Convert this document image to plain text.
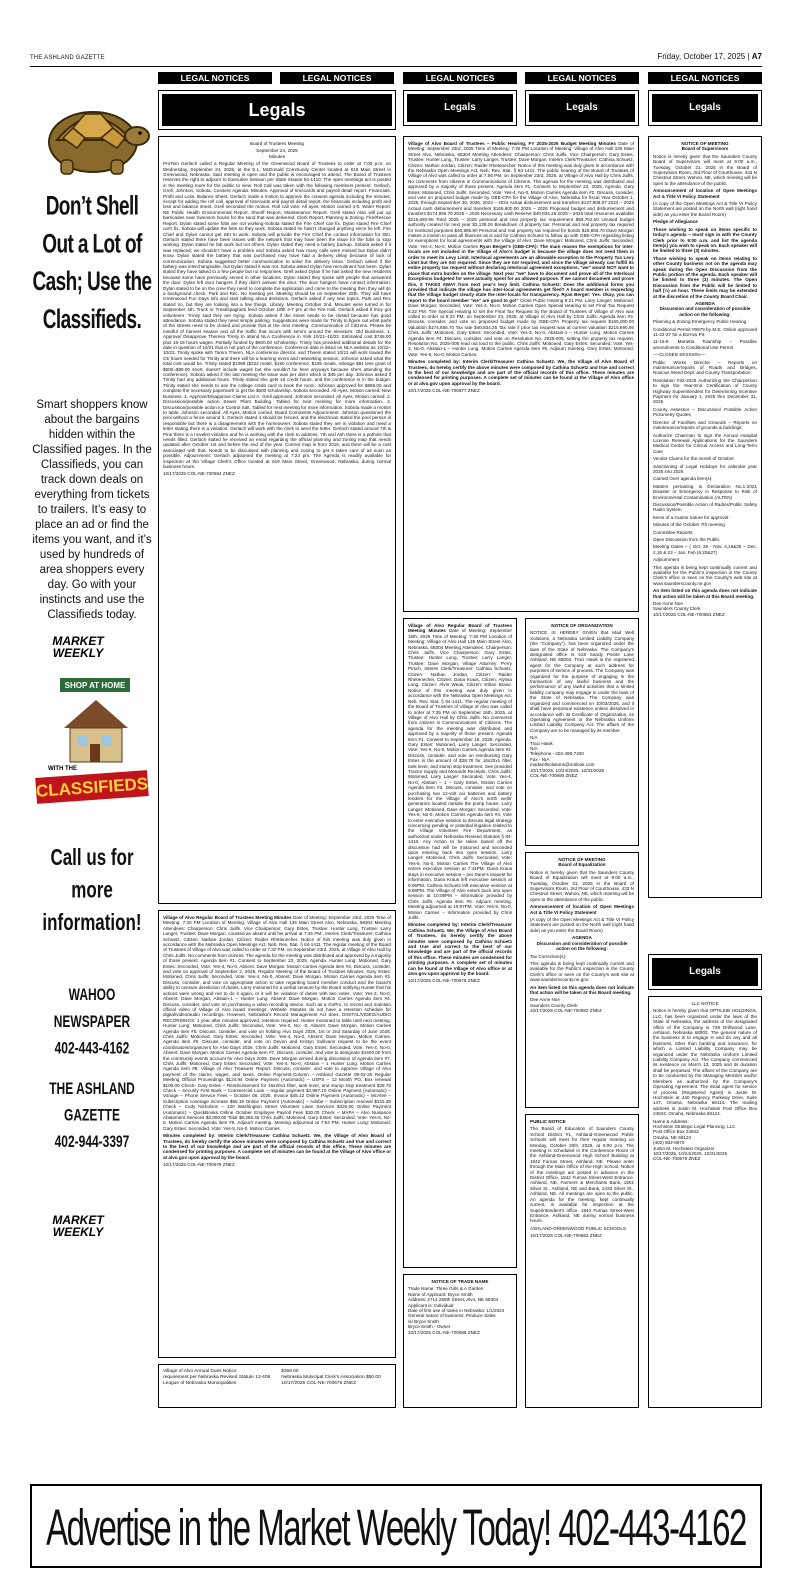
THE ASHLAND GAZETTE	Friday, October 17, 2025 | A7
LEGAL NOTICES	LEGAL NOTICES	LEGAL NOTICES	LEGAL NOTICES	LEGAL NOTICES
Don’t Shell Out a Lot of Cash; Use the Classifieds.
Smart shoppers know about the bargains hidden within the Classified pages. In the Classifieds, you can track down deals on everything from tickets to trailers. It’s easy to place an ad or find the items you want, and it’s used by hundreds of area shoppers every day. Go with your instincts and use the Classifieds today.
MARKET
WEEKLY
SHOP AT HOME
WITH THE
CLASSIFIEDS
Call us for more information!
WAHOO NEWSPAPER
402-443-4162
THE ASHLAND GAZETTE
402-944-3397
MARKET
WEEKLY
Legals	Legals	Legals	Legals
Board of Trustees Meeting
September 24, 2025
Minutes

ProTem Gerlach called a Regular Meeting of the Greenwood Board of Trustees to order at 7:00 p.m. on Wednesday, September 24, 2025, at the E.L. McDonald Community Center located at 619 Main Street in Greenwood, Nebraska. Said meeting is open and the public is encouraged to attend. The Board of Trustees reserves the right to adjourn to Executive Session per State Statute 84-1410. The open meetings act is posted in the meeting room for the public to view. Roll Call was taken with the following members present: Gerlach, Grell, Johnson, Sobota. Consent Agenda. Minutes. Approval of timecards and payroll detail report. Financials. Profit and Loss. Balance Sheet. Gerlach made a motion to approve the consent agenda including the minutes, except for adding the roll call, approval of timecards and payroll detail report, the financials including profit and loss and balance sheet. Grell seconded the motion. Roll call vote: All ayes. Motion carried 4-0. Water Report. NE Public Health Environmental Report. Sheriff Report. Maintenance Report. Grell stated Alan will put up barricades near Swenson house for the sand that was delivered. Clerk Report. Planning & Zoning. Fire/Rescue Report. Dylan stated some fobs are not working-Sobota stated the Fire Chief can fix. Dylan stated Fire Chief can't fix, Sobota will update the fobs so they work. Sobota stated he hasn't changed anything since he left. Fire Chief and Dylan cannot get SEI to work. Sobota will provide the Fire Chief the contact information for SEI. Gerlach stated there have been issues with the network that may have been the issue for the fobs to stop working. Dylan stated he fab work but not others. Dylan stated they need a battery backup. Sobota asked if it was replaced; we shouldn't have a problem and Sobota asked how many calls were missed but Dylan didn't know. Dylan stated the battery that was purchased may have had a delivery delay because of lack of communication. Sobota suggested better communication to solve the delivery issue. Gerlach asked if the battery was interchangeable, but Dylan stated it was not. Sobota asked Dylan how recruitment has been. Dylan stated they have talked to a few people but no responses. Grell asked Dylan if he has asked the new residents because some have previously served in other locations. Dylan stated they spoke with people that answered the door. Dylan left door hangers if they didn't answer the door. The door hangers have contact information. Dylan stated to be on the crew they need to complete the application and come to the meeting then they will do a background check. Park and Rec. No meeting yet. Meeting should be on September 25th. They will have Greenwood Fun Days info and start talking about decisions. Gerlach asked if any new topics. Park and Rec stated no, but they are looking into a few things. Library. Meeting October 2nd. Minutes were turned in for September 4th. Truck or Treat/spaghetti feed October 18th 4-7 pm at the Fire Hall. Gerlach asked if they got volunteers. Trinity said they are trying. Sobota asked if the street needs to be closed because has good attendance. Sobota stated they need simple parking. Suggestions were made for Trinity to figure out what parts of the streets need to be closed and provide that at the next meeting. Communication of Citizens. Please be mindful of harvest season and all the traffic that incurs with semi's around the elevators. Old Business. 1. Approve/ Disapprove Theresa Trinity to attend NLA Conference in York 10/21–10/23. Estimated cost $745.00 plus 16-18 hours wages. Partially funded by $600.00 scholarship. Trinity has provided additional details for the date in question of 10/21 that is not part of the conference. Conference date is listed on NLA website as 10/22–10/23. Trinity spoke with Tamm Theem, NLA conference director, and Theem stated 10/21 will work toward the CE hours needed for Trinity and there will be a learning event and networking session. Johnson asked what the total cost would be. Trinity stated $1098 ($322 motel, $150 conference, $135 meals, mileage $91 less grant of $600=$98.00 short, doesn't include wages but she wouldn't be here anyways because she's attending the conference). Sobota asked if the last meeting the issue was per diem which is $45 per day. Johnson asked if Trinity had any additional hours. Trinity stated she gets 16 credit hours, and the conference is in the budget. Trinity stated she needs to use the college credit card to book the room. Johnson approved for $686.00 and complete the necessary paperwork to get the $600 scholarship. Sobota seconded. All Ayes. Motion carried. New Business. 1. Approve/Disapprove Claims List A. Grell approved. Johnson seconded. All Ayes. Motion carried. 2. Discussion/possible action Sewer Plant Building. Tabled for next meeting for more information. 3. Discussion/possible action Ice Control Salt. Tabled for next meeting for more information. Sobota made a motion to table. Johnson seconded. All Ayes. Motion carried. Board Comments Adjournment. Johnson questioned the pool without a fence around it. Gerlach stated it should be fenced, and the electrician stated the pool person is responsible but there is a disagreement with the homeowner. Sobota stated they are in violation and need a letter stating there is a violation. Gerlach will work with the clerk to send the letter. Gerlach stated around 7th & Pine there is a novelist violation and he is working with the clerk to address, 7th and Ash there is a pothole that needs filled. Gerlach stated he received an email regarding the official planning and zoning map that needs updated after October 1st and before the end of the year. Current map is from 2016, and there will be a cost associated with that. Needs to be discussed with planning and zoning to get it taken care of as soon as possible. Adjournment: Gerlach adjourned the meeting at 7:24 pm. The Agenda is readily available for inspection at the Village Clerk's Office located at 619 Main Street, Greenwood, Nebraska, during normal business hours.

10/17/2025 COL-NE-700684 ZNEZ

Village of Alvo Regular Board of Trustees Meeting Minutes Date of Meeting: September 23rd, 2025 Time of Meeting: 7:30 PM Location of Meeting: Village of Alvo Hall 135 Main Street Alvo, Nebraska, 68304 Meeting Attendees: Chairperson: Chris Juilfs, Vice Chairperson: Gary Estes, Trustee: Hunter Lung, Trustee: Larry Langer, Trustee: Dave Morgan, counted as absent until his arrival at 7:45 PM., Interim Clerk/Treasurer: Cathina Schuetz, Citizen: Nathan Jordan, Citizen: Raider Rhetenecher. Notice of this meeting was duly given in accordance with the Nebraska Open Meetings Act, Neb. Rev. Stat. § 84-1411. The regular meeting of the Board of Trustees of Village of Alvo was called to order at 7:32 PM, on September 23rd, 2025, at Village of Alvo Hall by Chris Juilfs. No comments from citizens. The agenda for the meeting was distributed and approved by a majority of those present. Agenda Item #1. Consent to September 23, 2025, Agenda. Hunter Lung: Motioned, Gary Estes: Seconded, Vote: Yes-4, No-0, Absent: Dave Morgan. Motion Carries Agenda item #2. Discuss, consider, and vote on approval of September 2, 2025, Regular Meeting of the Board of Trustees Minutes, Gary Estes: Motioned, Chris Juilfs: Seconded, Vote: Yes-4, No-0, Absent: Dave Morgan. Motion Carries Agenda item #3. Discuss, consider, and vote on appropriate action to take regarding board member conduct and the board's ability to censure dereliction of duties. Larry motioned for a verbal censure by the Board notifying Hunter that his actions were wrong and not to do it again, or it will be violation of duties with two votes. Vote: Yes-3, No-0, Absent: Dave Morgan, Abstain-1 – Hunter Lung. Absent: Dave Morgan. Motion Carries Agenda item #4. Discuss, consider, and vote on purchasing a video recording device, such as a GoPro, to record and maintain official video of Village of Alvo board meetings. Website Statutes do not have a retention schedule for digital/video/audio recordings. However, Nebraska's Record Management Act does. DIGITAL/VIDEO/AUDIO RECORDINGS: 1 year after minutes approved, retention required. Hunter motioned to table until next meeting. Hunter Lung: Motioned, Chris Juilfs: Seconded, Vote: Yes-0, No: -0, Absent: Dave Morgan. Motion Carries Agenda item #5. Discuss, consider, and vote on holding Alvo Days 2026, 1st or 2nd Saturday of June 2026. Chris Juilfs: Motioned, Gary Estes: Seconded, Vote: Yes-4, No-0, Absent: Dave Morgan. Motion Carries. Agenda item #6. Discuss, consider, and vote on Devon and Kristyn Sullivans request to be the event coordinators/organizers for Alvo Days 2026. Chris Juilfs: Motioned, Gary Estes: Seconded, Vote: Yes-4, No-0, Absent: Dave Morgan. Motion Carries Agenda item #7. Discuss, consider, and vote to designate $1500.00 from the community events account for Alvo Days 2026. Dave Morgan arrived during discussion of Agenda item #7. Chris Juilfs: Motioned, Gary Estes: Seconded, Vote: Yes-4, No-0, Abstain – 1 Hunter Lung. Motion Carries Agenda item #8. Village of Alvo Treasurer Report. Discuss, consider, and vote to approve Village of Alvo payment of the claims, wages, and taxes. Online Payment-Column – Ashland Gazette 09-02-25 Regular Meeting Official Proceedings $124.94 Online Payment (Automatic) – USPS – 12 Month PO. Box renewal $106.00 Check- Gary Estes – Reimbursement for 16x20x1 filter, tank lever, and stump stop treatment $28.78 Check – Security First Bank – Commercial Loan – regular payment $4,997.10 Online Payment (Automatic) – Vonage – Phone Service Fees – October 08, 2025, Invoice $45.12 Online Payment (Automatic) – McAfee – Subscription coverage increase $65.19 Online Payment (Automatic) – Adobe – Subscription renewal $315.35 Check – Cody Nicholson – 130 Washington Street Volunteer Lawn Services $320.00 Online Payment (Automatic) – QuickBooks Online October Employee Payroll Fees $30.00 Check – MAPA – Alvo Nuisance Abatement Services $2,000.00 Total $8,265.46 Chris Juilfs: Motioned, Gary Estes: Seconded, Vote: Yes-5, No-0. Motion Carries Agenda item #9. Adjourn meeting. Meeting adjourned at 7:54 PM. Hunter Lung: Motioned, Gary Estes: Seconded, Vote: Yes-5, No-0. Motion Carries.

Minutes completed by: Interim Clerk/Treasurer Cathina Schuetz. We, the Village of Alvo Board of Trustees, do hereby certify the above minutes were composed by Cathina Schuetz and true and correct to the best of our knowledge and are part of the official records of this office. These minutes are condensed for printing purposes. A complete set of minutes can be found at the Village of Alvo office or at alvo.gov upon approval by the board.

10/17/2025 COL-NE-700678 ZNEZ

Village of Alvo Annual Dues Notice	$368.00
requirement per Nebraska Revised Statute 13-408	Nebraska Municipal Clerk's Association $50.00
League of Nebraska Municipalities	10/17/2025 COL-NE-700675 ZNEZ

Village of Alvo Board of Trustees – Public Hearing, FY 2025-2026 Budget Meeting Minutes Date of Meeting: September 23rd, 2025 Time of Meeting: 7:45 PM Location of Meeting: Village of Alvo Hall 135 Main Street Alvo, Nebraska, 68304 Meeting Attendees: Chairperson: Chris Juilfs, Vice Chairperson: Gary Estes, Trustee: Hunter Lung, Trustee: Larry Langer, Trustee: Dave Morgan, Interim Clerk/Treasurer: Cathina Schuetz, Citizen: Nathan Jordan, Citizen: Raider Rhetenecher. Notice of this meeting was duly given in accordance with the Nebraska Open Meetings Act, Neb. Rev. Stat. § 84-1411. The public hearing of the Board of Trustees of Village of Alvo was called to order at 7:56 PM, on September 23rd, 2025, at Village of Alvo Hall by Chris Juilfs. No comments from citizens in Communications of Citizens. The agenda for the meeting was distributed and approved by a majority of those present. Agenda item #1. Consent to September 23, 2025, Agenda. Gary Estes: Motioned, Chris Juilfs: Seconded, Vote: Yes-4, No-0, Motion Carries Agenda item #2. Discuss, consider, and vote on proposed budget made by GBE-CPA for the Village of Alvo, Nebraska for fiscal Year October 1, 2025, through September 30, 2026. 2023 – 2024 Actual disbursement and transfers $137,908.07 2024 – 2025 Actual cash disbursement and transfers $165,600.00 2025 – 2026 Proposed budget and disbursement and transfers $174,856.70 2025 – 2026 Necessary cash Reserve $40,834.25 2025 – 2026 total resources available $215,690.95 Total 2025 – 2026 personal and real property tax requirement $59,752.50 Unused budget authority created for next year $3,139.26 Breakdown of property tax: Personal and real property tax required for nonbond purposes $40,895.80 Personal and real property tax required for bonds $18,856.70 Dave Morgan makes a motion to pass all finances as is and for Cathina Schuetz to follow up with GBE-CPA regarding listing for exemptions for local agreements with the Village of Alvo. Dave Morgan: Motioned, Chris Juilfs: Seconded, Vote: Yes-4, No-0, Motion Carries Ryan Berger's (GBE-CPA): The main reason the exemptions for inter-locals are not included in the Village of Alvo's budget is because the village does not need them in order to meet its Levy Limit. Interlocal agreements are an allowable exception to the Property Tax Levy Limit but they are not required. Since they are not required, and since the village already can fulfill its entire property tax request without declaring interlocal agreement exceptions, "we" would NOT want to place that extra burden on the village. Next year "we" have to document and prove all of the Interlocal Exceptions budgeted for were actually spent for an allowed purpose. If we cannot document and prove this, it TAKES AWAY from next year's levy limit. Cathina Schuetz: Does the additional forms you provided that indicate the village has inter-local agreements get filed? A board member is requesting that the Village budget clearly state the inter-locals for transparency. Ryan Berger: Yes. Okay, you can report to the board member "we" are good to go!" Close Public Hearing 8:21 PM. Larry Langer: Motioned, Dave Morgan: Seconded, Vote: Yes-4, No-0, Motion Carries Open Special Hearing to set Final Tax Request 8:22 PM. The Special Hearing to set the Final Tax Request by the Board of Trustees of Village of Alvo was called to order at 8:22 PM, on September 23, 2025, at Village of Alvo Hall by Chris Juilfs. Agenda item #3. Discuss, consider, and vote on proposed budget made by GBE-CPA Property tax request $165,000.00 Valuation $174,856.70 Tax rate $40,834.25 Tax rate if prior tax request was at current valuation $215,690.95 Chris Juilfs: Motioned, Gary Estes: Seconded, Vote: Yes-3, No-0, Abstain-1 – Hunter Lung. Motion Carries Agenda item #4. Discuss, consider, and vote on Resolution No. 2025-005, setting the property tax request. Resolution No. 2025-005 read out loud to the public. Chris Juilfs: Motioned, Gary Estes: Seconded, Vote: Yes-3, No-0, Abstain-1 – Hunter Lung. Motion Carries Agenda item #5. Adjourn meeting. Gary Estes: Motioned, Vote: Yes-5, No-0, Motion Carries.

Minutes completed by: Interim Clerk/Treasurer Cathina Schuetz. We, the Village of Alvo Board of Trustees, do hereby certify the above minutes were composed by Cathina Schuetz and true and correct to the best of our knowledge and are part of the official records of this office. These minutes are condensed for printing purposes. A complete set of minutes can be found at the Village of Alvo office or at alvo.gov upon approval by the board.

10/17/2025 COL-NE-700677 ZNEZ

Village of Alvo Regular Board of Trustees Meeting Minutes Date of Meeting: September 16th, 2025 Time of Meeting: 7:30 PM Location of Meeting: Village of Alvo Hall 135 Main Street Alvo, Nebraska, 68304 Meeting Attendees: Chairperson: Chris Juilfs, Vice Chairperson: Gary Estes, Trustee: Hunter Lung, Trustee: Larry Langer, Trustee: Dave Morgan, Village Attorney: Perry Pirsch, Interim Clerk/Treasurer: Cathina Schuetz, Citizen: Nathan Jordan, Citizen: Raider Rhetenecher, Citizen: Dana Kraus, Citizen: Alyssa Long, Citizen: Alvin Weak, Citizen: Ethan Braxe. Notice of this meeting was duly given in accordance with the Nebraska Open Meetings Act, Neb. Rev. Stat. § 84-1411. The regular meeting of the Board of Trustees of Village of Alvo was called to order at 7:35 PM on September 16th, 2025, at Village of Alvo Hall by Chris Juilfs. No comments from citizens in Communications of Citizens. The agenda for the meeting was distributed and approved by a majority of those present. Agenda Item #1. Consent to September 16, 2025, Agenda. Gary Estes: Motioned, Larry Langer: Seconded, Vote: Yes-5, No-0, Motion Carries Agenda item #2. Discuss, consider, and vote on reimbursing Gary Estes in the amount of $28.78 for 16x20x1 filter, tank lever, and stump stop treatment. See provided Tractor Supply and Menards Receipts. Chris Juilfs: Motioned, Larry Langer: Seconded, Vote: Yes-4, No-0, Abstain – 1 – Gary Estes, Motion Carries Agenda item #3. Discuss, consider, and vote on purchasing two 12-volt car batteries and battery tenders for the Village of Alvo's north wells' generators located outside the pump house. Larry Langer: Motioned, Dave Morgan: Seconded, Vote: Yes-5, No-0, Motion Carries Agenda item #4. Vote to enter executive session to discuss legal strategy concerning pending or potential litigation related to the Village Volunteer Fire Department, as authorized under Nebraska Revised Statutes § 84-1410. Any Action to be taken based off the discussion had will be motioned and seconded upon entering back into open session. Larry Langer: Motioned, Chris Juilfs: Seconded, Vote: Yes-5, No-0, Motion Carries The Village of Alvo enters executive session at 7:44PM. Dana Kraus stays in executive session – per Dane's request for information. Dana Kraus left executive session at 9:06PM. Cathina Schuetz left executive session at 9:08PM. The Village of Alvo enters back into open session at 10:06PM – information provided by Chris Juilfs. Agenda item #5. Adjourn meeting. Meeting adjourned at 10:07PM. Vote: Yes-5, No-0, Motion Carries – Information provided by Chris Juilfs.

Minutes completed by: Interim Clerk/Treasurer Cathina Schuetz. We, the Village of Alvo Board of Trustees, do hereby certify the above minutes were composed by Cathina Schuetz and true and correct to the best of our knowledge and are part of the official records of this office. These minutes are condensed for printing purposes. A complete set of minutes can be found at the Village of Alvo office or at alvo.gov upon approval by the board.

10/17/2025 COL-NE-700676 ZNEZ

NOTICE OF TRADE NAME
Trade Name: Three Girls & A Garden
Name of Applicant: Bryce Smith
Address: 2714 258th Street, Alvo, NE 68304
Applicant is: Individual
Date of first use of name in Nebraska: 1/1/2024
General nature of business: Produce Sales
/s/ Bryce Smith
Bryce Smith - Owner
10/17/2025 COL-NE-700686 ZNEZ
NOTICE OF ORGANIZATION

NOTICE IS HEREBY GIVEN that Mad Well Solutions, a Nebraska Limited Liability Company (the "Company"), has been organized under the laws of the State of Nebraska. The Company's designated office is 518 Sandy Pointe Lane Ashland, NE 68003. Traci Hawk is the registered agent for the Company at such address for purposes of service of process. The Company was organized for the purpose of engaging in the transaction of any lawful business and the performance of any lawful activities that a limited liability company may engage in under the laws of the State of Nebraska. The Company was organized and commenced on 10/03/2025, and it shall have perpetual existence unless dissolved in accordance with its Certificate of Organization, its Operating Agreement or the Nebraska Uniform Limited Liability Company Act. The affairs of the Company are to be managed by its member.

N/A
Traci Hawk
N/A
Telephone - 402-490-7400
Fax - N/A
madwellsolutions@outlook.com
10/17/2025, 10/24/2025, 10/31/2025
COL-NE-700690 ZNEZ
NOTICE OF MEETING
Board of Equalization

Notice is hereby given that the Saunders County Board of Equalization will meet at 9:00 a.m., Tuesday, October 21, 2025 in the Board of Supervisors Room, 3rd Floor of Courthouse, 433 N Chestnut Street, Wahoo, NE, which meeting will be open to the attendance of the public.

Announcement of location of Open Meetings Act & Title VI Policy Statement

(A copy of the Open Meetings Act & Title VI Policy Statement are posted on the North wall (right hand side) as you enter the Board Room)

AGENDA
Discussion and consideration of possible action on the following:

Tax Correction(s):

This agenda is being kept continually current and available for the Public's inspection in the County Clerk's office or seen on the County's web site at www.saunderscounty.ne.gov.

An item listed on this agenda does not indicate that action will be taken at this Board meeting.

Dee Anne Noe
Saunders County Clerk
10/17/2025 COL-NE-700682 ZNEZ
PUBLIC NOTICE

The Board of Education of Saunders County School District #1, Ashland-Greenwood Public Schools will meet for their regular meeting on Monday, October 20th, 2025, at 6:00 p.m. The meeting is scheduled in the Conference Room of the Ashland-Greenwood High School Building at 1842 Furnas Street, Ashland, NE. Please enter through the Main Office of the High School. Notice of the meetings are posted in advance in the District Office, 1842 Furnas Street-West Entrance, Ashland, NE, Farmers & Merchants Bank, 1501 Silver St., Ashland, NE and Bank, 2433 Silver St., Ashland, NE. All meetings are open to the public. An agenda for the meeting, kept continually current, is available for inspection at the Superintendent's office, 1842 Furnas Street-West Entrance, Ashland, NE during normal business hours.

ASHLAND-GREENWOOD PUBLIC SCHOOLS

10/17/2025 COL-NE-700683 ZNEZ
NOTICE OF MEETING
Board of Supervisors

Notice is hereby given that the Saunders County Board of Supervisors will meet at 9:00 a.m., Tuesday, October 21, 2025 in the Board of Supervisors Room, 3rd Floor of Courthouse, 433 N Chestnut Street, Wahoo, NE, which meeting will be open to the attendance of the public.

Announcement of location of Open Meetings Act & Title VI Policy Statement

(A copy of the Open Meetings Act & Title VI Policy Statement are posted on the North wall (right hand side) as you enter the Board Room)

Pledge of Allegiance

Those wishing to speak on items specific to today's agenda – must sign in with the County Clerk prior to 9:00 a.m. and list the agenda item(s) you wish to speak on. Each speaker will be limited to three (3) minutes.

Those wishing to speak on items relating to other County business not on the agenda may speak during the Open Discussion from the Public portion of the agenda. Each speaker will be limited to three (3) minutes. The Open Discussion from the Public will be limited to half (½) an hour. These limits may be extended at the discretion of the County Board Chair.

AGENDA
Discussion and consideration of possible action on the following:
Planning & Zoning Emergency Public Hearing
Conditional Permit #9579 by M.E. Online approved 11-22-27 for a Borrow Pit.
11-15-8. Marietta Township – Possible amendments to Conditional Use Permit
----CLOSED SESSION----
Public Works Director – Reports on maintenance/repairs of Roads and Bridges, Noxious Weed Dept. and County Transportation:
Resolution #32-2025 Authorizing the Chairperson to sign the Year-End Certification of County Highway Superintendent for Determining Incentive Payment for January 1, 2025 thru December 31, 2025
County Assessor – Discussion/ Possible Action Pictometry Quotes
Director of Facilities and Grounds – Reports on maintenance/repairs of grounds & buildings:
Authorize Chairman to sign the Annual Hospital License Renewal Applications for the Saunders Medical Center for Critical Access and Long-Term Care
Vendor Claims for the month of October
Sanctioning of Legal Holidays for calendar year 2025 into 2026
Carried Over agenda item(s):
Matters pertaining to Declaration No.1-2021 Disaster or Emergency in Response to Risk of Environmental Contamination (ALTEN)
Discussion/Possible Action of Radios/Public Safety Radio System
Items of a routine nature for approval:
Minutes of the October 7th meeting
Committee Reports
Open Discussion from the Public
Meeting Dates – ( Oct. 28 - Nov. 4,18&25 – Dec. 2,16 & 23 – Jan. Feb.(6,20&27)
Adjournment

This agenda is being kept continually current and available for the Public's inspection in the County Clerk's office or seen on the County's web site at www.saunderscounty.ne.gov

An item listed on this agenda does not indicate that action will be taken at this Board meeting.

Dee Anne Noe
Saunders County Clerk
10/17/2025 COL-NE-700681 ZNEZ
Legals
LLC NOTICE

Notice is hereby given that OPTILEIB HOLDINGS, LLC, has been organized under the laws of the State of Nebraska, the address of the designated office of the Company is 739 Driftwood Lane, Ashland, Nebraska 68003. The general nature of the business is to engage in and do any and all business, other than banking and insurance, for which a Limited Liability Company may be organized under the Nebraska Uniform Limited Liability Company Act. The Company commenced its existence on March 13, 2025 and its duration shall be perpetual. The affairs of the Company are to be conducted by the Managing Member and/or Members as authorized by the Company's Operating Agreement. The initial agent for service of process (Registered Agent) is Justin M. Hochstein at 440 Regency Parkway Drive, Suite 147, Omaha, Nebraska 68114. The mailing address is Justin M. Hochstein Post Office Box 24842, Omaha, Nebraska 68124.

Name & Address:
Hochstein Strategic Legal Planning, LLC
Post Office Box 24842
Omaha, NE 68124
(402) 682-8970
Justin M. Hochstein Organizer
10/17/2025, 10/24/2025, 10/31/2025
COL-NE-700679 ZNEZ
Advertise in the Market Weekly Today! 402-443-4162
